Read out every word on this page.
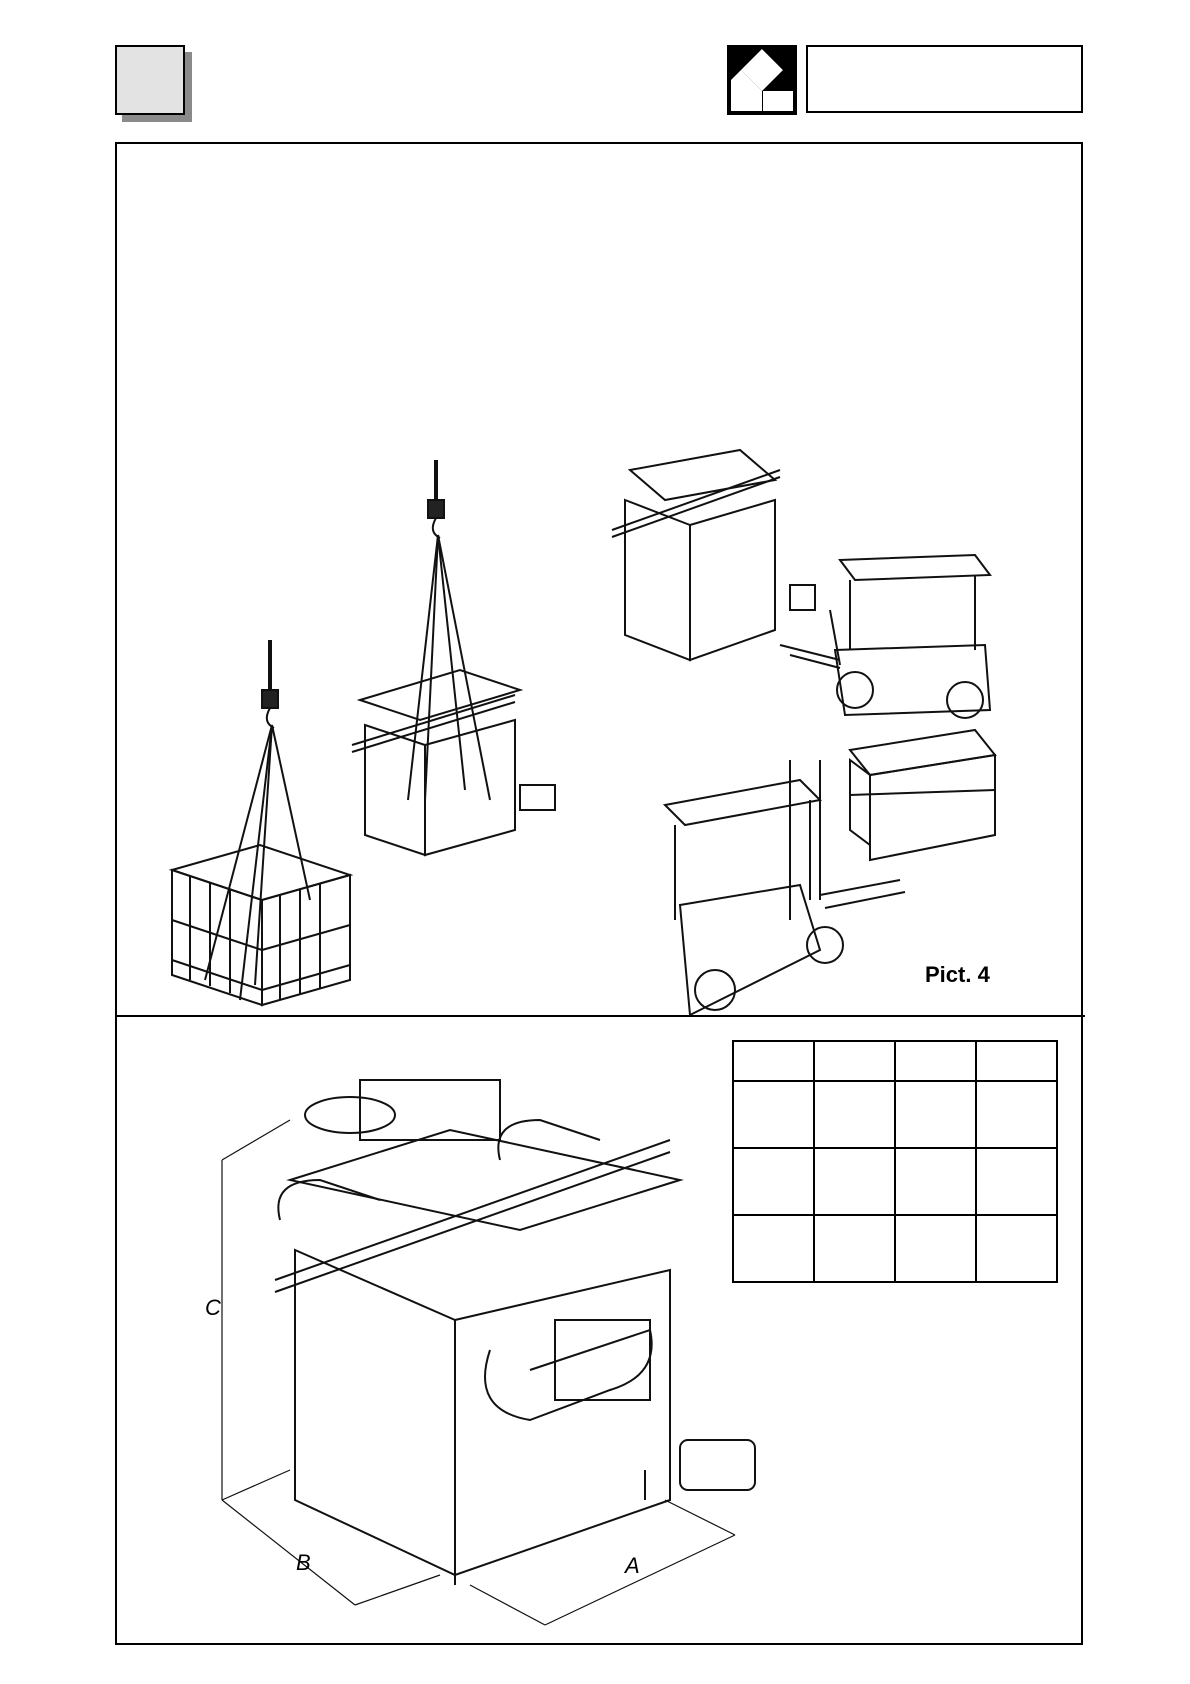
Pict. 4
C
B	A
